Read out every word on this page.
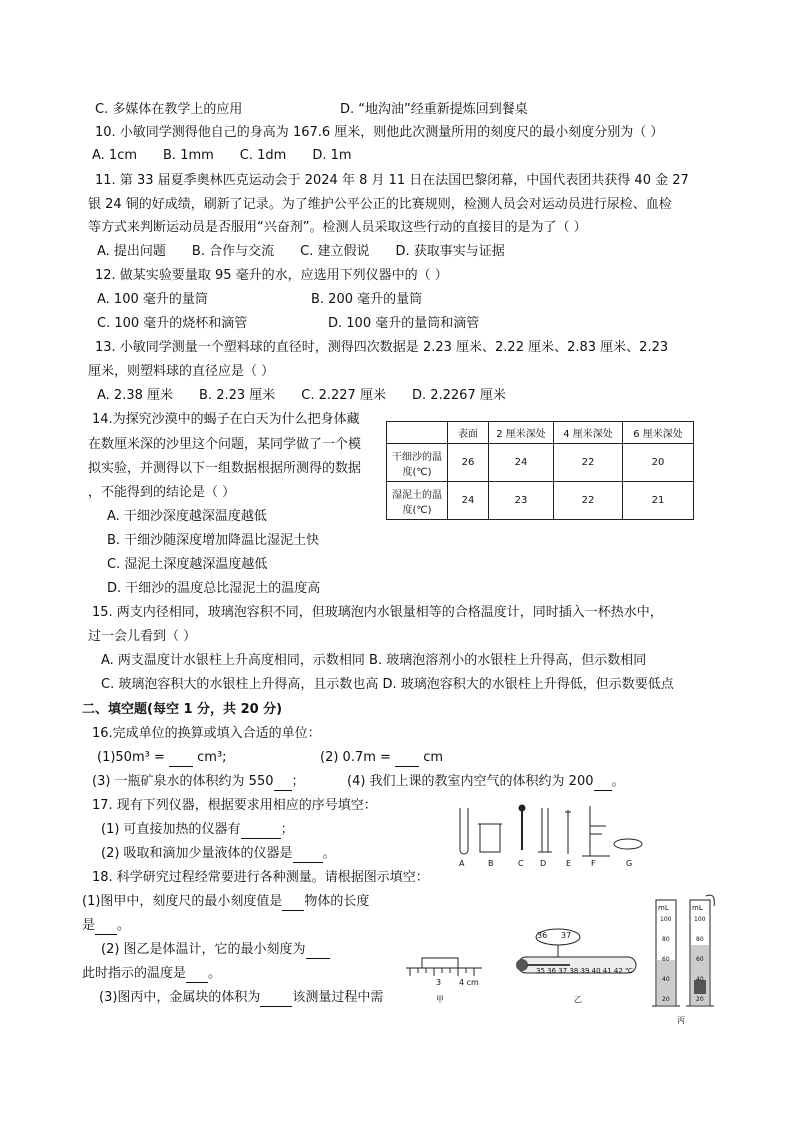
C. 多媒体在教学上的应用	D. “地沟油”经重新提炼回到餐桌
10. 小敏同学测得他自己的身高为 167.6 厘米，则他此次测量所用的刻度尺的最小刻度分别为（ ）
A. 1cm　　B. 1mm　　C. 1dm　　D. 1m
11. 第 33 届夏季奥林匹克运动会于 2024 年 8 月 11 日在法国巴黎闭幕，中国代表团共获得 40 金 27
银 24 铜的好成绩，刷新了记录。为了维护公平公正的比赛规则，检测人员会对运动员进行尿检、血检
等方式来判断运动员是否服用“兴奋剂”。检测人员采取这些行动的直接目的是为了（ ）
A. 提出问题　　B. 合作与交流　　C. 建立假说　　D. 获取事实与证据
12. 做某实验要量取 95 毫升的水，应选用下列仪器中的（ ）
A. 100 毫升的量筒	B. 200 毫升的量筒
C. 100 毫升的烧杯和滴管	D. 100 毫升的量筒和滴管
13. 小敏同学测量一个塑料球的直径时，测得四次数据是 2.23 厘米、2.22 厘米、2.83 厘米、2.23
厘米，则塑料球的直径应是（ ）
A. 2.38 厘米　　B. 2.23 厘米　　C. 2.227 厘米　　D. 2.2267 厘米
14.为探究沙漠中的蝎子在白天为什么把身体藏
在数厘米深的沙里这个问题，某同学做了一个模
拟实验，并测得以下一组数据根据所测得的数据
，不能得到的结论是（ ）
A. 干细沙深度越深温度越低
B. 干细沙随深度增加降温比湿泥土快
C. 湿泥土深度越深温度越低
D. 干细沙的温度总比湿泥土的温度高
15. 两支内径相同，玻璃泡容积不同，但玻璃泡内水银量相等的合格温度计，同时插入一杯热水中，
过一会儿看到（ ）
A. 两支温度计水银柱上升高度相同，示数相同 B. 玻璃泡溶剂小的水银柱上升得高，但示数相同
C. 玻璃泡容积大的水银柱上升得高，且示数也高 D. 玻璃泡容积大的水银柱上升得低，但示数要低点
二、填空题(每空 1 分，共 20 分)
16.完成单位的换算或填入合适的单位：
(1)50m³ = cm³;	(2) 0.7m = cm
(3) 一瓶矿泉水的体积约为 550 ；	(4) 我们上课的教室内空气的体积约为 200 。
17. 现有下列仪器，根据要求用相应的序号填空：
(1) 可直接加热的仪器有	；
(2) 吸取和滴加少量液体的仪器是 。
18. 科学研究过程经常要进行各种测量。请根据图示填空：
(1)图甲中，刻度尺的最小刻度值是 物体的长度
是 。
(2) 图乙是体温计，它的最小刻度为
此时指示的温度是 。
(3)图丙中，金属块的体积为 该测量过程中需
	表面	2 厘米深处	4 厘米深处	6 厘米深处
干细沙的温
度(℃)	26	24	22	20
湿泥土的温
度(℃)	24	23	22	21
A	B	C D E F	G
3 4 cm
甲
36 37
35 36 37 38 39 40 41 42 ℃
乙
mL	mL
100
80
60
40
20
100
80
60
40
20
丙
